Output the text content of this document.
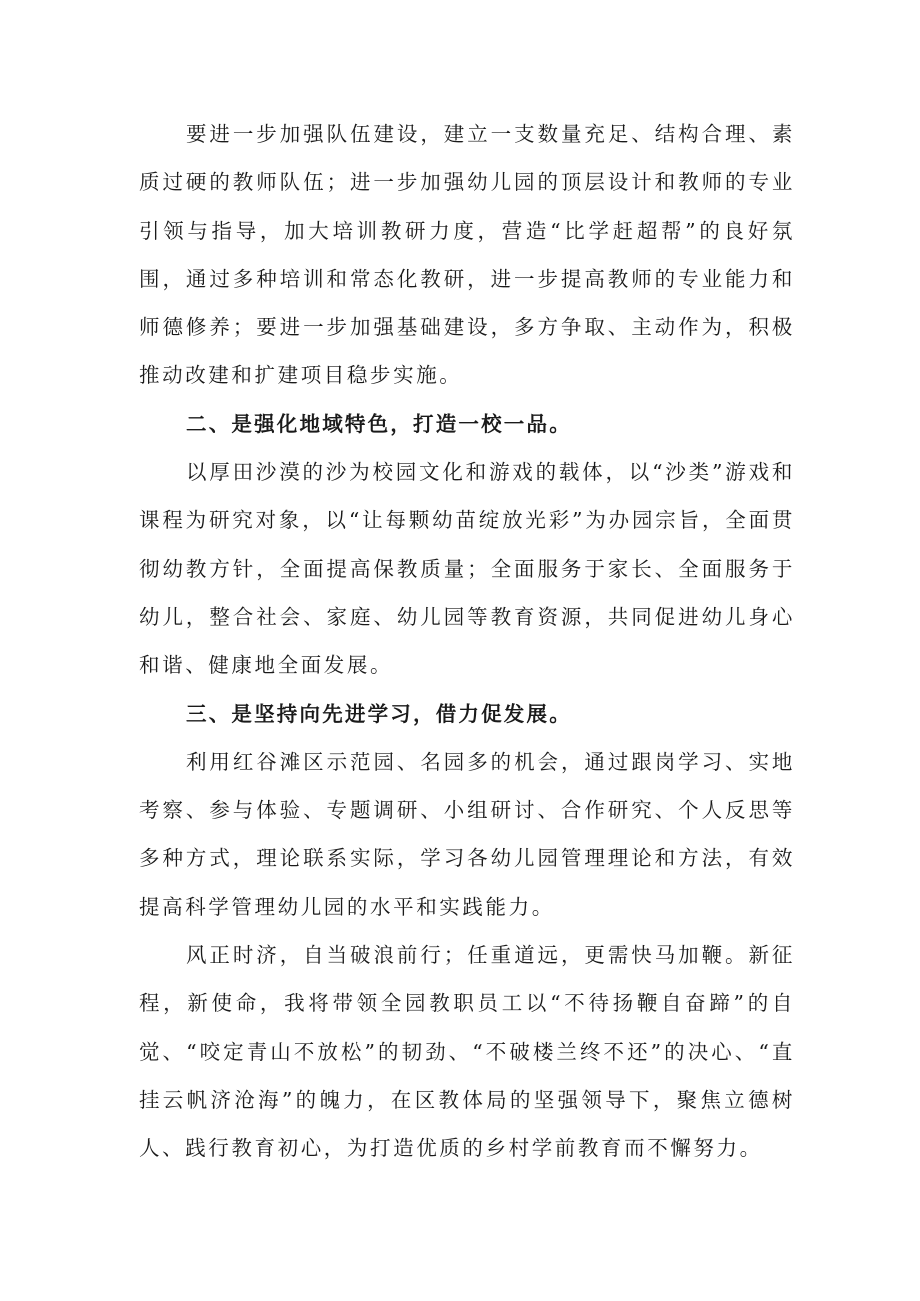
要进一步加强队伍建设，建立一支数量充足、结构合理、素质过硬的教师队伍；进一步加强幼儿园的顶层设计和教师的专业引领与指导，加大培训教研力度，营造“比学赶超帮”的良好氛围，通过多种培训和常态化教研，进一步提高教师的专业能力和师德修养；要进一步加强基础建设，多方争取、主动作为，积极推动改建和扩建项目稳步实施。

二、是强化地域特色，打造一校一品。

以厚田沙漠的沙为校园文化和游戏的载体，以“沙类”游戏和课程为研究对象，以“让每颗幼苗绽放光彩”为办园宗旨，全面贯彻幼教方针，全面提高保教质量；全面服务于家长、全面服务于幼儿，整合社会、家庭、幼儿园等教育资源，共同促进幼儿身心和谐、健康地全面发展。

三、是坚持向先进学习，借力促发展。

利用红谷滩区示范园、名园多的机会，通过跟岗学习、实地考察、参与体验、专题调研、小组研讨、合作研究、个人反思等多种方式，理论联系实际，学习各幼儿园管理理论和方法，有效提高科学管理幼儿园的水平和实践能力。

风正时济，自当破浪前行；任重道远，更需快马加鞭。新征程，新使命，我将带领全园教职员工以“不待扬鞭自奋蹄”的自觉、“咬定青山不放松”的韧劲、“不破楼兰终不还”的决心、“直挂云帆济沧海”的魄力，在区教体局的坚强领导下，聚焦立德树人、践行教育初心，为打造优质的乡村学前教育而不懈努力。
